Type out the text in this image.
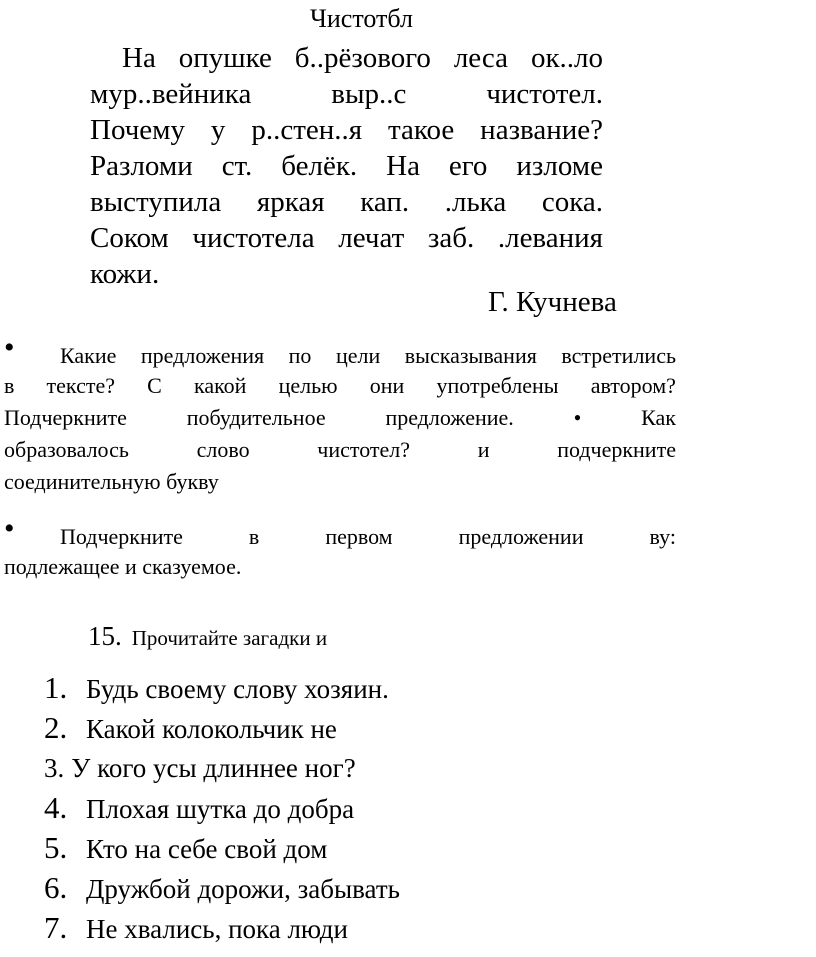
Чистотбл
На опушке б..рёзового леса ок..ло
мур..вейника	выр..с	чистотел.
Почему у р..стен..я такое название?
Разломи ст. белёк. На его изломе
выступила яркая кап. .лька сока.
Соком чистотела лечат заб. .левания
кожи.
Г. Кучнева
•	Какие предложения по цели высказывания встретились
в тексте? С какой целью они употреблены автором?
Подчеркните	побудительное	предложение.	•	Как
образовалось	слово	чистотел?	и	подчеркните
соединительную
букву
•	Подчеркните	в	первом	предложении	ву:
подлежащее
и
сказуемое.
15. Прочитайте загадки и
1. Будь своему слову хозяин.
2. Какой колокольчик не
3. У кого усы длиннее ног?
4. Плохая шутка до добра
5. Кто на себе свой дом
6. Дружбой дорожи, забывать
7. Не хвались, пока люди
